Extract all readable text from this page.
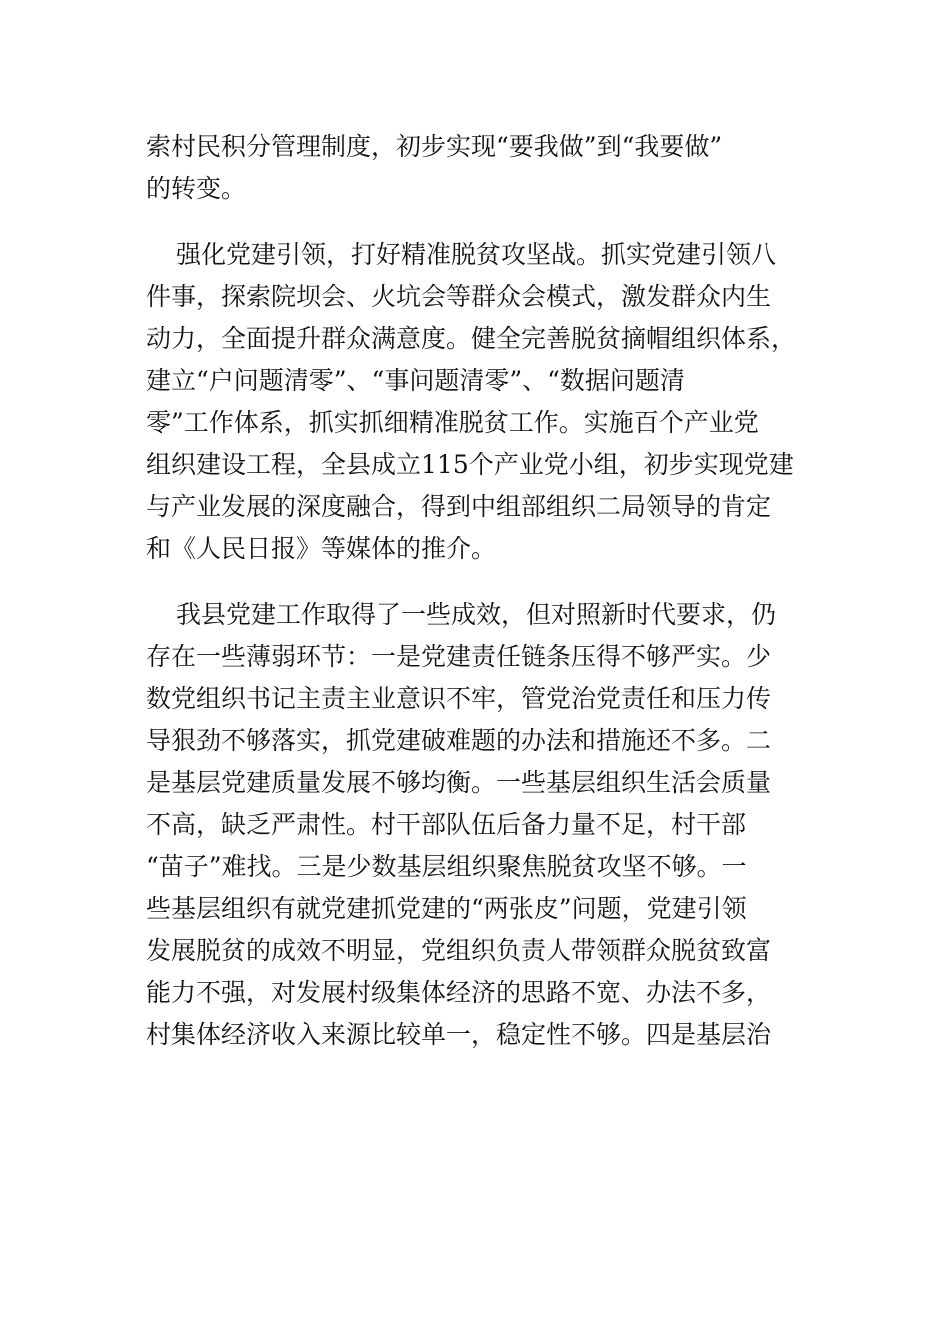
索村民积分管理制度，初步实现“要我做”到“我要做”
的转变。
强化党建引领，打好精准脱贫攻坚战。抓实党建引领八
件事，探索院坝会、火坑会等群众会模式，激发群众内生
动力，全面提升群众满意度。健全完善脱贫摘帽组织体系，
建立“户问题清零”、“事问题清零”、“数据问题清
零”工作体系，抓实抓细精准脱贫工作。实施百个产业党
组织建设工程，全县成立115个产业党小组，初步实现党建
与产业发展的深度融合，得到中组部组织二局领导的肯定
和《人民日报》等媒体的推介。
我县党建工作取得了一些成效，但对照新时代要求，仍
存在一些薄弱环节：一是党建责任链条压得不够严实。少
数党组织书记主责主业意识不牢，管党治党责任和压力传
导狠劲不够落实，抓党建破难题的办法和措施还不多。二
是基层党建质量发展不够均衡。一些基层组织生活会质量
不高，缺乏严肃性。村干部队伍后备力量不足，村干部
“苗子”难找。三是少数基层组织聚焦脱贫攻坚不够。一
些基层组织有就党建抓党建的“两张皮”问题，党建引领
发展脱贫的成效不明显，党组织负责人带领群众脱贫致富
能力不强，对发展村级集体经济的思路不宽、办法不多，
村集体经济收入来源比较单一，稳定性不够。四是基层治
